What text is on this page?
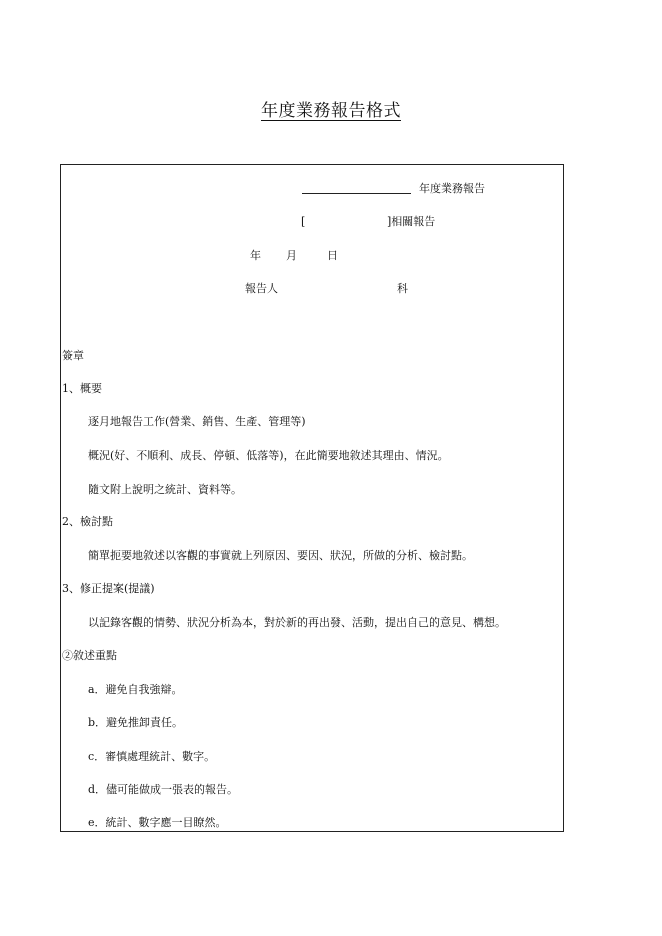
年度業務報告格式
年度業務報告
[	]相關報告
年 月	日
報告人	科
簽章
1、概要
逐月地報告工作(營業、銷售、生產、管理等)
概況(好、不順利、成長、停頓、低落等)，在此簡要地敘述其理由、情況。
隨文附上說明之統計、資料等。
2、檢討點
簡單扼要地敘述以客觀的事實就上列原因、要因、狀況，所做的分析、檢討點。
3、修正提案(提議)
以記錄客觀的情勢、狀況分析為本，對於新的再出發、活動，提出自己的意見、構想。
②敘述重點
a．避免自我強辯。
b．避免推卸責任。
c．審慎處理統計、數字。
d．儘可能做成一張表的報告。
e．統計、數字應一目瞭然。
